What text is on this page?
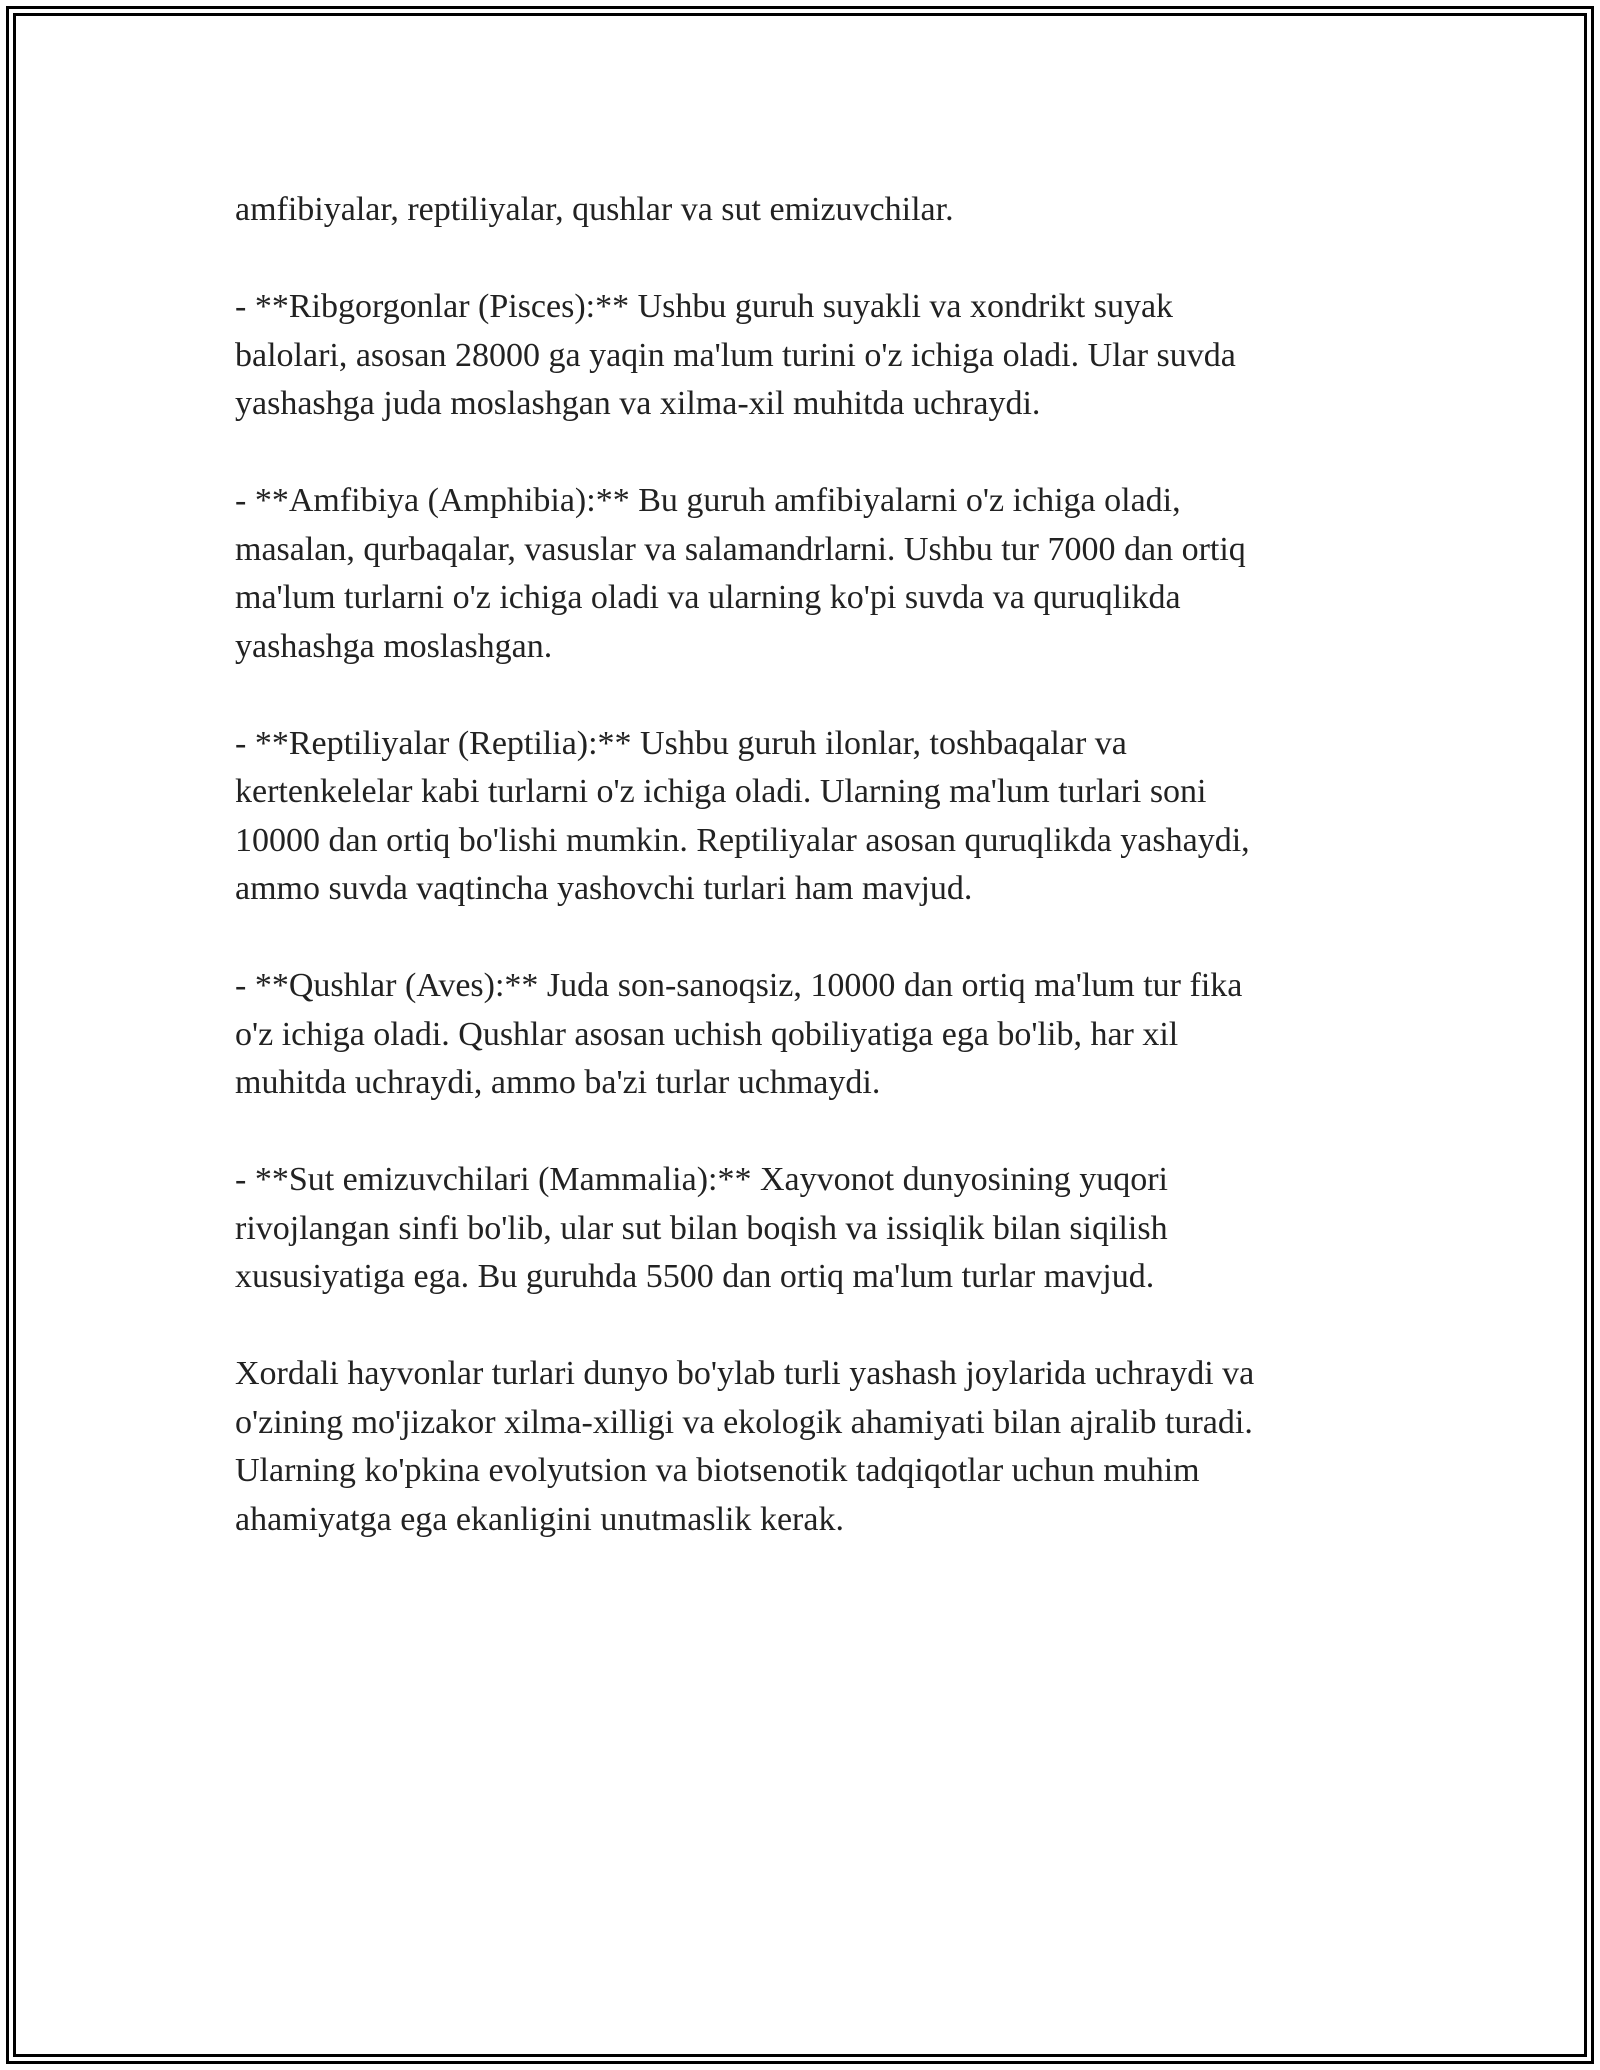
amfibiyalar, reptiliyalar, qushlar va sut emizuvchilar.

- **Ribgorgonlar (Pisces):** Ushbu guruh suyakli va xondrikt suyak
balolari, asosan 28000 ga yaqin ma'lum turini o'z ichiga oladi. Ular suvda
yashashga juda moslashgan va xilma-xil muhitda uchraydi.

- **Amfibiya (Amphibia):** Bu guruh amfibiyalarni o'z ichiga oladi,
masalan, qurbaqalar, vasuslar va salamandrlarni. Ushbu tur 7000 dan ortiq
ma'lum turlarni o'z ichiga oladi va ularning ko'pi suvda va quruqlikda
yashashga moslashgan.

- **Reptiliyalar (Reptilia):** Ushbu guruh ilonlar, toshbaqalar va
kertenkelelar kabi turlarni o'z ichiga oladi. Ularning ma'lum turlari soni
10000 dan ortiq bo'lishi mumkin. Reptiliyalar asosan quruqlikda yashaydi,
ammo suvda vaqtincha yashovchi turlari ham mavjud.

- **Qushlar (Aves):** Juda son-sanoqsiz, 10000 dan ortiq ma'lum tur fika
o'z ichiga oladi. Qushlar asosan uchish qobiliyatiga ega bo'lib, har xil
muhitda uchraydi, ammo ba'zi turlar uchmaydi.

- **Sut emizuvchilari (Mammalia):** Xayvonot dunyosining yuqori
rivojlangan sinfi bo'lib, ular sut bilan boqish va issiqlik bilan siqilish
xususiyatiga ega. Bu guruhda 5500 dan ortiq ma'lum turlar mavjud.

Xordali hayvonlar turlari dunyo bo'ylab turli yashash joylarida uchraydi va
o'zining mo'jizakor xilma-xilligi va ekologik ahamiyati bilan ajralib turadi.
Ularning ko'pkina evolyutsion va biotsenotik tadqiqotlar uchun muhim
ahamiyatga ega ekanligini unutmaslik kerak.
